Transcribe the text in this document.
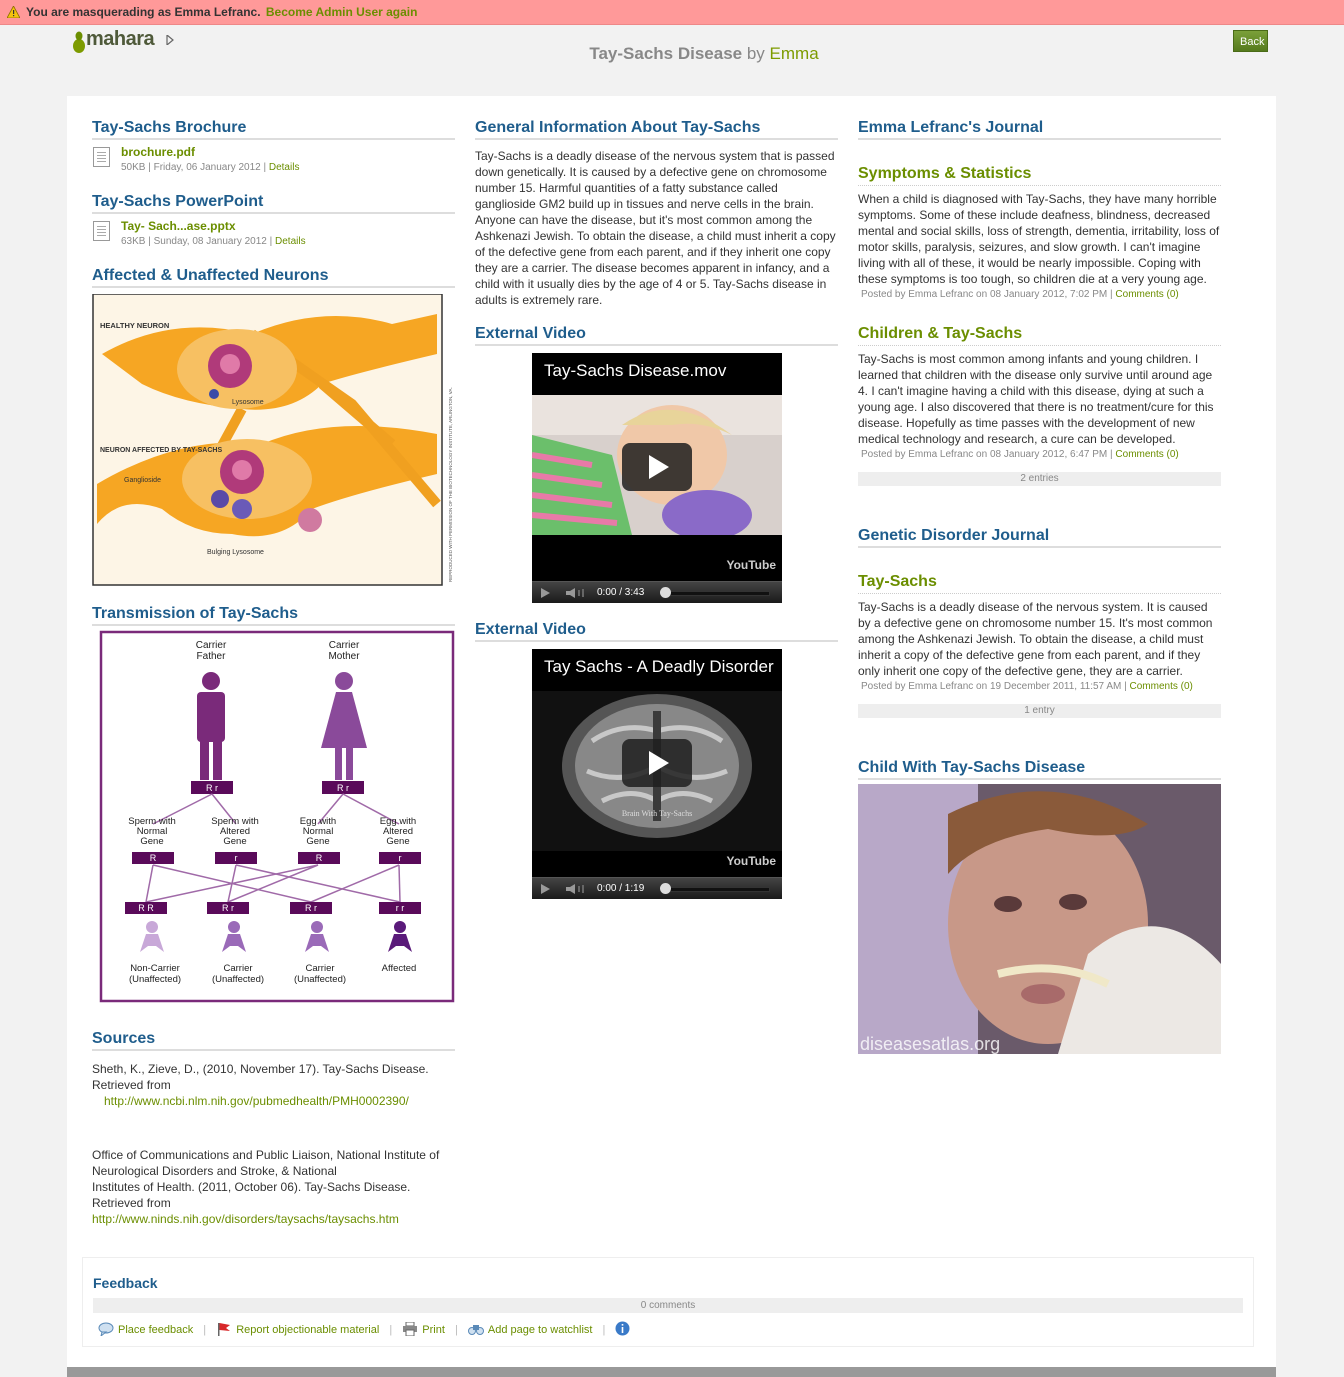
You are masquerading as Emma Lefranc. Become Admin User again
mahara	Back
Tay-Sachs Disease by Emma
Tay-Sachs Brochure
brochure.pdf
50KB | Friday, 06 January 2012 | Details
Tay-Sachs PowerPoint
Tay- Sach...ase.pptx
63KB | Sunday, 08 January 2012 | Details
Affected & Unaffected Neurons
HEALTHY NEURON
Lysosome
NEURON AFFECTED BY TAY-SACHS
Ganglioside
Bulging Lysosome	REPRODUCED WITH PERMISSION OF THE BIOTECHNOLOGY INSTITUTE, ARLINGTON, VA.
Transmission of Tay-Sachs
Carrier
Father
Carrier
Mother
R r	R r
Sperm with
Normal
Gene
Sperm with
Altered
Gene
Egg with
Normal
Gene
Egg with
Altered
Gene
R	r	R	r
R R	R r	R r	r r
Non-Carrier
(Unaffected)
Carrier
(Unaffected)
Carrier
(Unaffected)
Affected
Sources

Sheth, K., Zieve, D., (2010, November 17). Tay-Sachs Disease. Retrieved from

http://www.ncbi.nlm.nih.gov/pubmedhealth/PMH0002390/

Office of Communications and Public Liaison, National Institute of

Neurological Disorders and Stroke, & National

Institutes of Health. (2011, October 06). Tay-Sachs Disease.

Retrieved from

http://www.ninds.nih.gov/disorders/taysachs/taysachs.htm

General Information About Tay-Sachs

Tay-Sachs is a deadly disease of the nervous system that is passed down genetically. It is caused by a defective gene on chromosome number 15. Harmful quantities of a fatty substance called ganglioside GM2 build up in tissues and nerve cells in the brain. Anyone can have the disease, but it's most common among the Ashkenazi Jewish. To obtain the disease, a child must inherit a copy of the defective gene from each parent, and if they inherit one copy they are a carrier. The disease becomes apparent in infancy, and a child with it usually dies by the age of 4 or 5. Tay-Sachs disease in adults is extremely rare.

External Video
Tay-Sachs Disease.mov
YouTube
0:00 / 3:43
External Video
Tay Sachs - A Deadly Disorder
Brain With Tay-Sachs
YouTube
0:00 / 1:19
Emma Lefranc's Journal
Symptoms & Statistics

When a child is diagnosed with Tay-Sachs, they have many horrible symptoms. Some of these include deafness, blindness, decreased mental and social skills, loss of strength, dementia, irritability, loss of motor skills, paralysis, seizures, and slow growth. I can't imagine living with all of these, it would be nearly impossible. Coping with these symptoms is too tough, so children die at a very young age.

Posted by Emma Lefranc on 08 January 2012, 7:02 PM | Comments (0)
Children & Tay-Sachs

Tay-Sachs is most common among infants and young children. I learned that children with the disease only survive until around age 4. I can't imagine having a child with this disease, dying at such a young age. I also discovered that there is no treatment/cure for this disease. Hopefully as time passes with the development of new medical technology and research, a cure can be developed.

Posted by Emma Lefranc on 08 January 2012, 6:47 PM | Comments (0)
2 entries
Genetic Disorder Journal
Tay-Sachs

Tay-Sachs is a deadly disease of the nervous system. It is caused by a defective gene on chromosome number 15. It's most common among the Ashkenazi Jewish. To obtain the disease, a child must inherit a copy of the defective gene from each parent, and if they only inherit one copy of the defective gene, they are a carrier.

Posted by Emma Lefranc on 19 December 2011, 11:57 AM | Comments (0)
1 entry
Child With Tay-Sachs Disease
diseasesatlas.org
Feedback
0 comments
Place feedback |	Report objectionable material |	Print |	Add page to watchlist |
